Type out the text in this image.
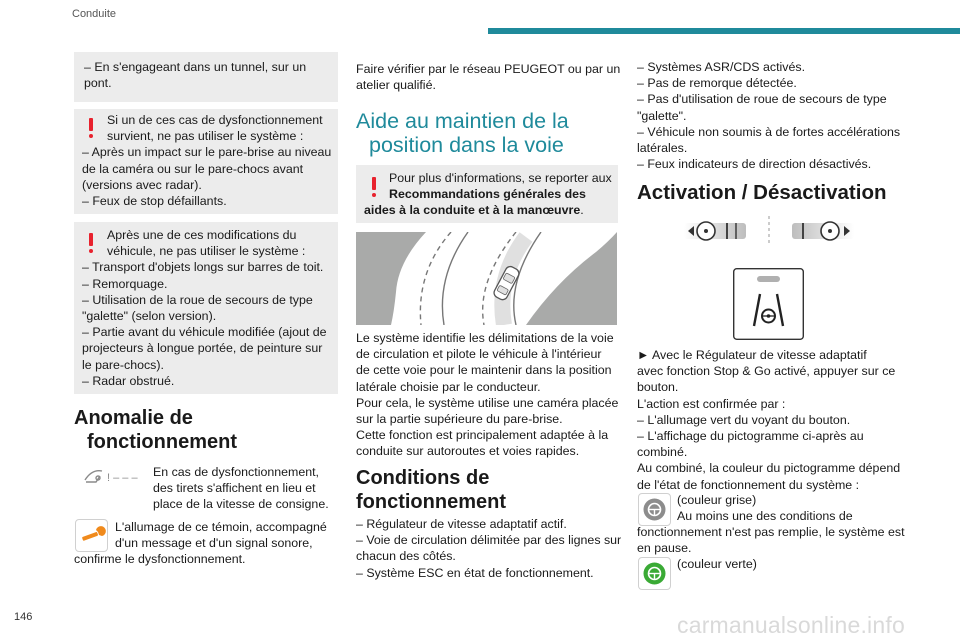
Conduite
– En s'engageant dans un tunnel, sur un
pont.
Si un de ces cas de dysfonctionnement
survient, ne pas utiliser le système :
– Après un impact sur le pare-brise au niveau
de la caméra ou sur le pare-chocs avant
(versions avec radar).
– Feux de stop défaillants.
Après une de ces modifications du
véhicule, ne pas utiliser le système :
– Transport d'objets longs sur barres de toit.
– Remorquage.
– Utilisation de la roue de secours de type
"galette" (selon version).
– Partie avant du véhicule modifiée (ajout de
projecteurs à longue portée, de peinture sur
le pare-chocs).
– Radar obstrué.
Anomalie de
fonctionnement
! ‒ ‒ ‒ En cas de dysfonctionnement,
des tirets s'affichent en lieu et
place de la vitesse de consigne.
L'allumage de ce témoin, accompagné
d'un message et d'un signal sonore,
confirme le dysfonctionnement.
Faire vérifier par le réseau PEUGEOT ou par un
atelier qualifié.
Aide au maintien de la
position dans la voie
Pour plus d'informations, se reporter aux
Recommandations générales des
aides à la conduite et à la manœuvre.
Le système identifie les délimitations de la voie
de circulation et pilote le véhicule à l'intérieur
de cette voie pour le maintenir dans la position
latérale choisie par le conducteur.
Pour cela, le système utilise une caméra placée
sur la partie supérieure du pare-brise.
Cette fonction est principalement adaptée à la
conduite sur autoroutes et voies rapides.
Conditions de
fonctionnement
– Régulateur de vitesse adaptatif actif.
– Voie de circulation délimitée par des lignes sur
chacun des côtés.
– Système ESC en état de fonctionnement.
– Systèmes ASR/CDS activés.
– Pas de remorque détectée.
– Pas d'utilisation de roue de secours de type
"galette".
– Véhicule non soumis à de fortes accélérations
latérales.
– Feux indicateurs de direction désactivés.
Activation / Désactivation
► Avec le Régulateur de vitesse adaptatif
avec fonction Stop & Go activé, appuyer sur ce
bouton.
L'action est confirmée par :
– L'allumage vert du voyant du bouton.
– L'affichage du pictogramme ci-après au
combiné.
Au combiné, la couleur du pictogramme dépend
de l'état de fonctionnement du système :
(couleur grise)
Au moins une des conditions de
fonctionnement n'est pas remplie, le système est
en pause.
(couleur verte)
146	carmanualsonline.info
